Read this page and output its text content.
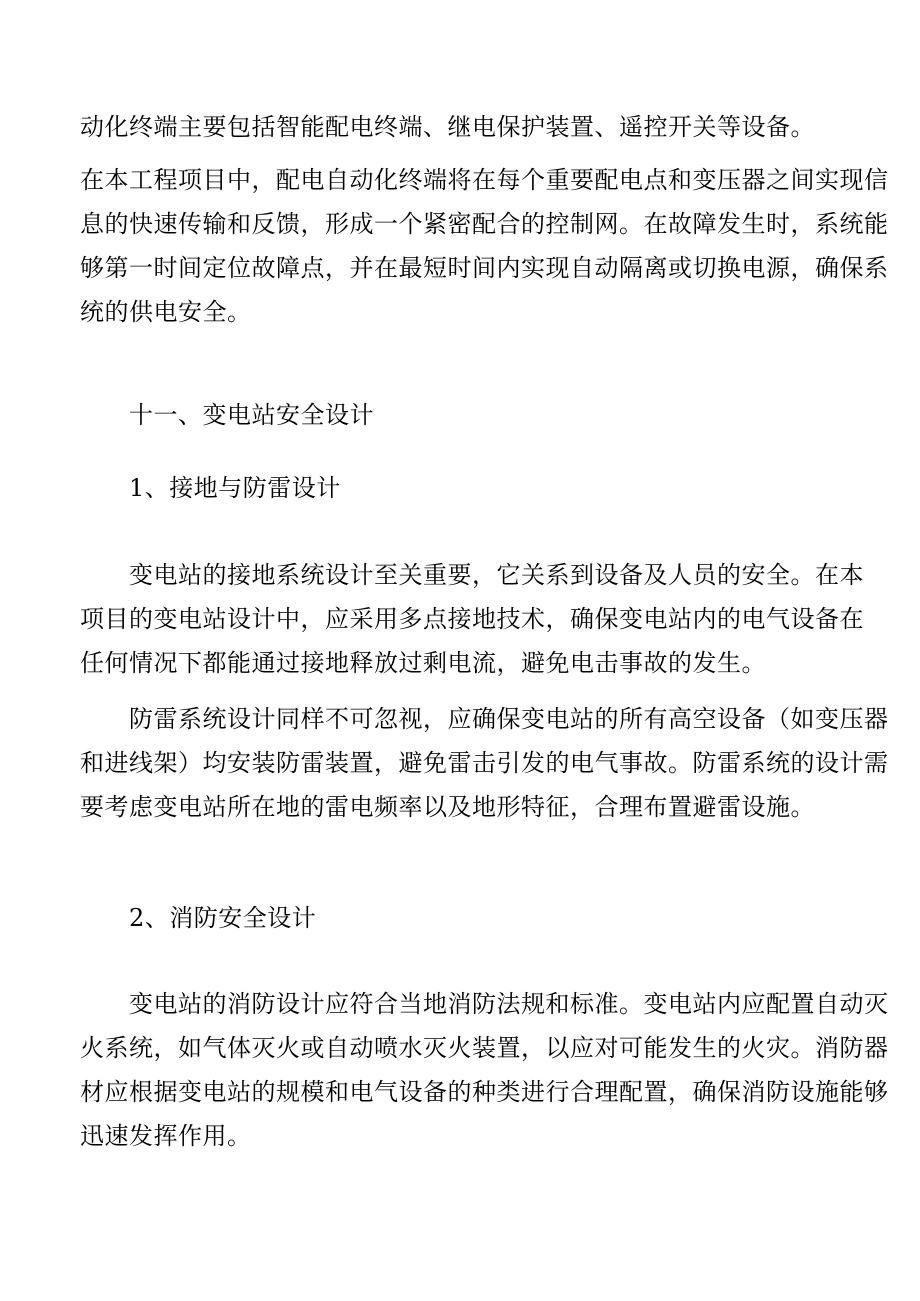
动化终端主要包括智能配电终端、继电保护装置、遥控开关等设备。
在本工程项目中，配电自动化终端将在每个重要配电点和变压器之间实现信
息的快速传输和反馈，形成一个紧密配合的控制网。在故障发生时，系统能
够第一时间定位故障点，并在最短时间内实现自动隔离或切换电源，确保系
统的供电安全。
十一、变电站安全设计
1、接地与防雷设计
变电站的接地系统设计至关重要，它关系到设备及人员的安全。在本
项目的变电站设计中，应采用多点接地技术，确保变电站内的电气设备在
任何情况下都能通过接地释放过剩电流，避免电击事故的发生。
防雷系统设计同样不可忽视，应确保变电站的所有高空设备（如变压器
和进线架）均安装防雷装置，避免雷击引发的电气事故。防雷系统的设计需
要考虑变电站所在地的雷电频率以及地形特征，合理布置避雷设施。
2、消防安全设计
变电站的消防设计应符合当地消防法规和标准。变电站内应配置自动灭
火系统，如气体灭火或自动喷水灭火装置，以应对可能发生的火灾。消防器
材应根据变电站的规模和电气设备的种类进行合理配置，确保消防设施能够
迅速发挥作用。
